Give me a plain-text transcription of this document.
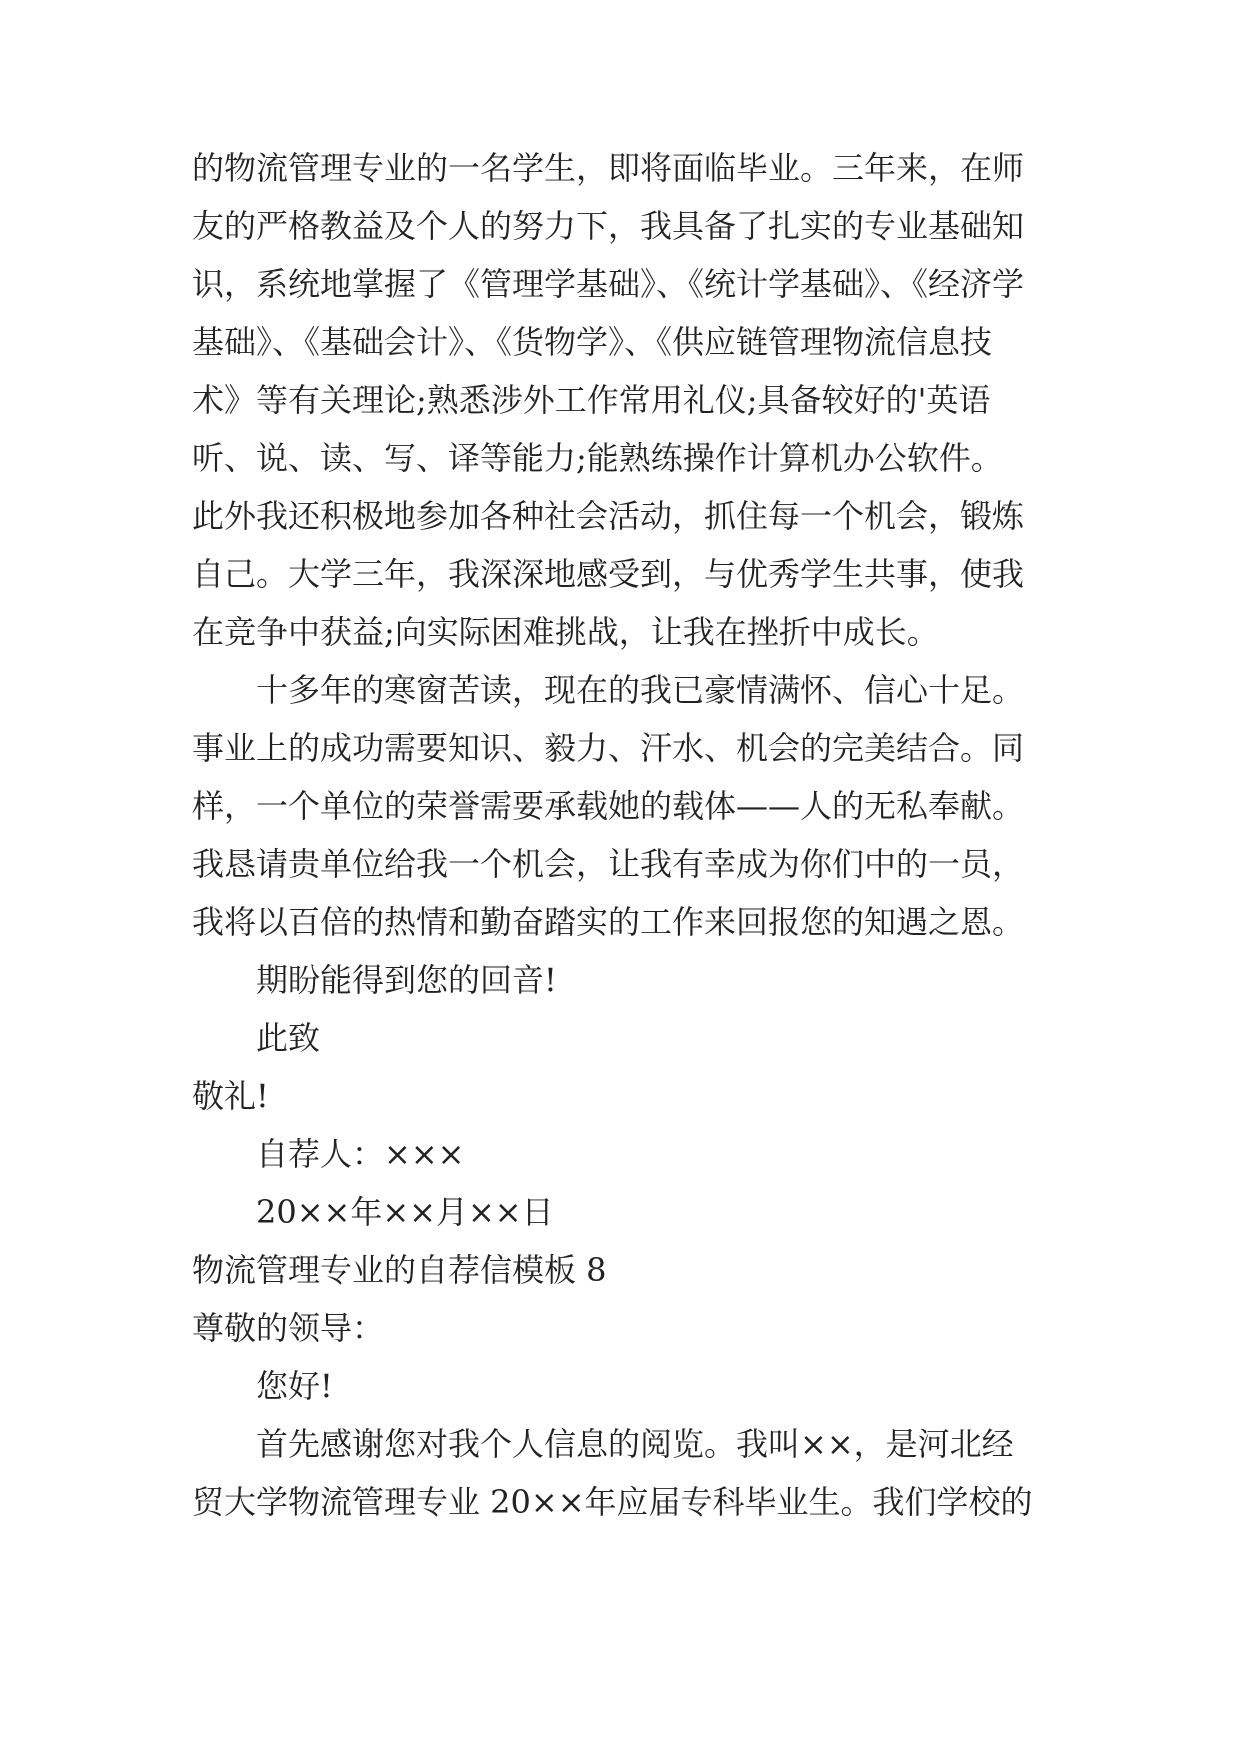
的物流管理专业的一名学生，即将面临毕业。三年来，在师
友的严格教益及个人的努力下，我具备了扎实的专业基础知
识，系统地掌握了《管理学基础》、《统计学基础》、《经济学
基础》、《基础会计》、《货物学》、《供应链管理物流信息技
术》等有关理论;熟悉涉外工作常用礼仪;具备较好的'英语
听、说、读、写、译等能力;能熟练操作计算机办公软件。
此外我还积极地参加各种社会活动，抓住每一个机会，锻炼
自己。大学三年，我深深地感受到，与优秀学生共事，使我
在竞争中获益;向实际困难挑战，让我在挫折中成长。
十多年的寒窗苦读，现在的我已豪情满怀、信心十足。
事业上的成功需要知识、毅力、汗水、机会的完美结合。同
样，一个单位的荣誉需要承载她的载体——人的无私奉献。
我恳请贵单位给我一个机会，让我有幸成为你们中的一员，
我将以百倍的热情和勤奋踏实的工作来回报您的知遇之恩。
期盼能得到您的回音!
此致
敬礼!
自荐人：×××
20××年××月××日
物流管理专业的自荐信模板 8
尊敬的领导：
您好!
首先感谢您对我个人信息的阅览。我叫××，是河北经
贸大学物流管理专业 20××年应届专科毕业生。我们学校的
